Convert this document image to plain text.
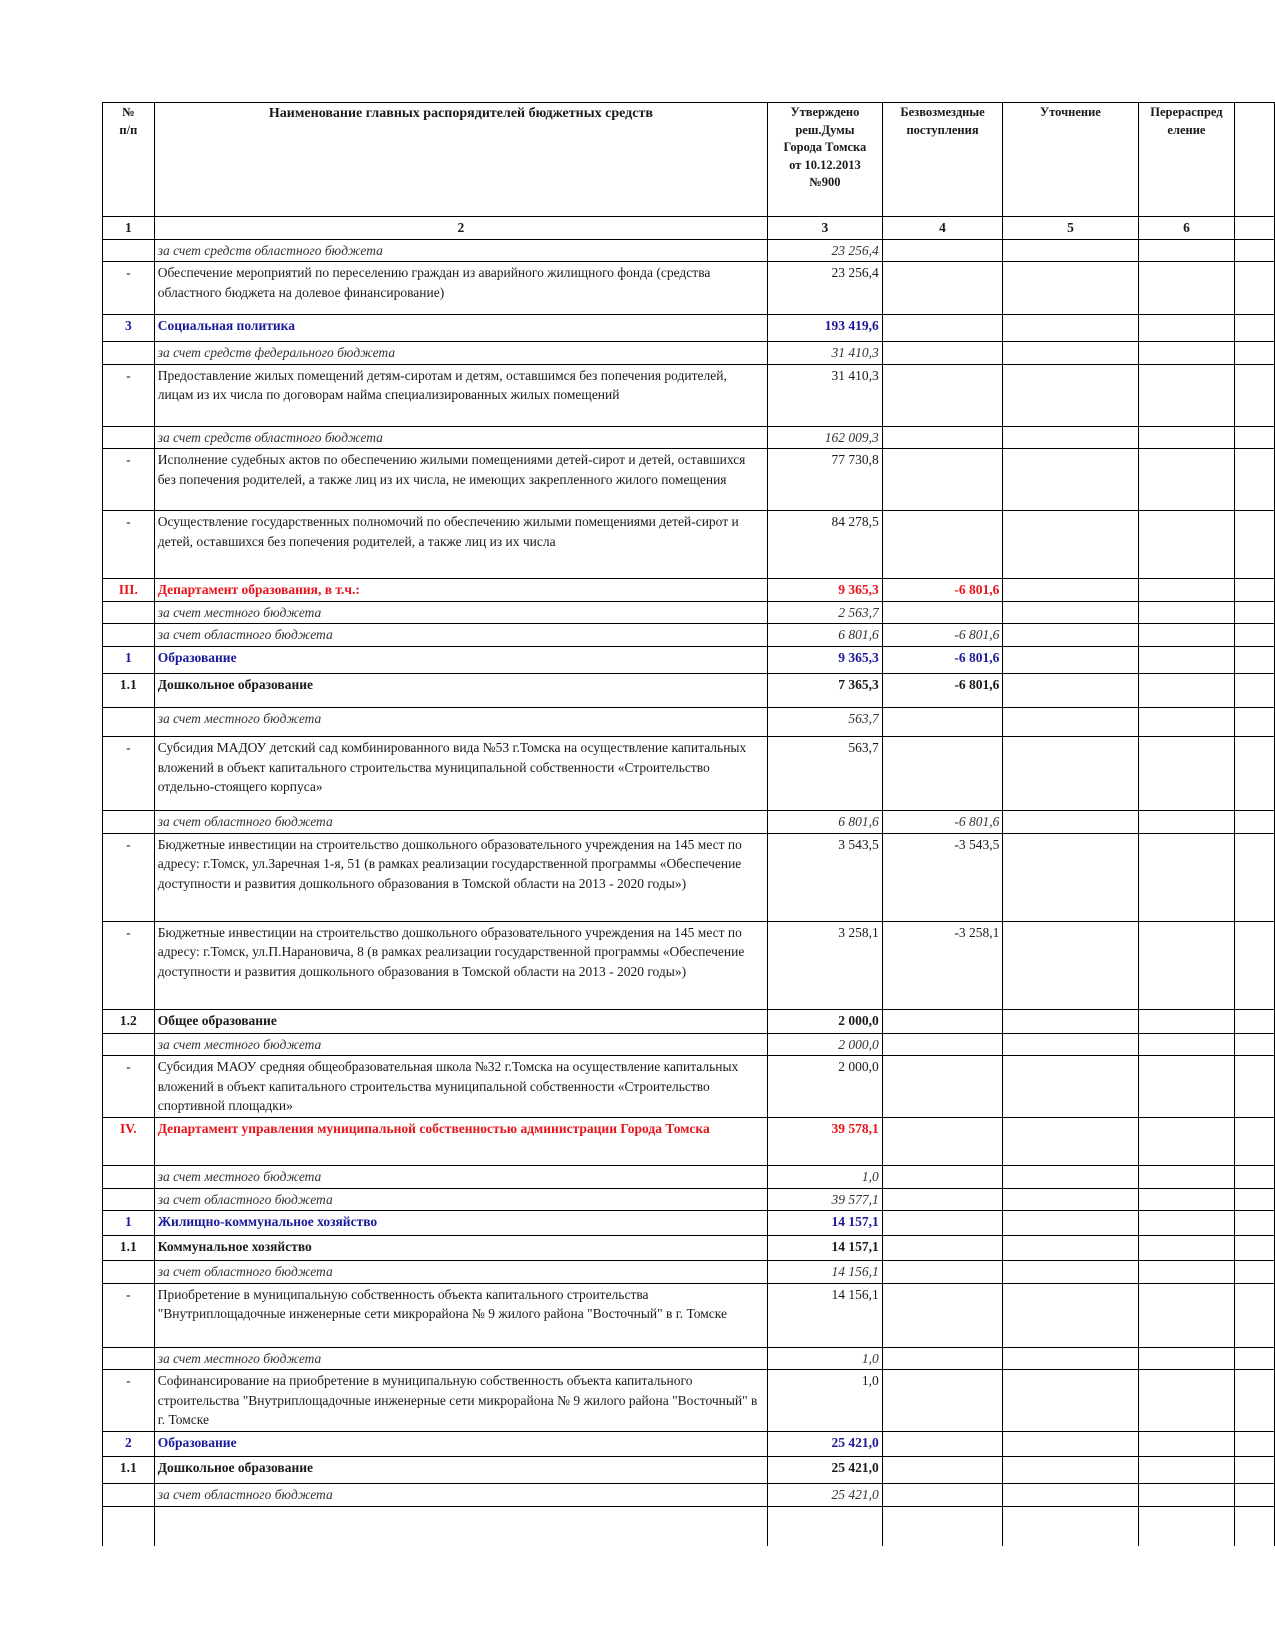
№
п/п	Наименование главных распорядителей бюджетных средств	Утверждено
реш.Думы
Города Томска
от 10.12.2013
№900	Безвозмездные
поступления	Уточнение	Перераспред
еление	
1	2	3	4	5	6	
	за счет средств областного бюджета	23 256,4				
-	Обеспечение мероприятий по переселению граждан из аварийного жилищного фонда (средства областного бюджета на долевое финансирование)	23 256,4				
3	Социальная политика	193 419,6				
	за счет средств федерального бюджета	31 410,3				
-	Предоставление жилых помещений детям-сиротам и детям, оставшимся без попечения родителей, лицам из их числа по договорам найма специализированных жилых помещений	31 410,3				
	за счет средств областного бюджета	162 009,3				
-	Исполнение судебных актов по обеспечению жилыми помещениями детей-сирот и детей, оставшихся без попечения родителей, а также лиц из их числа, не имеющих закрепленного жилого помещения	77 730,8				
-	Осуществление государственных полномочий по обеспечению жилыми помещениями детей-сирот и детей, оставшихся без попечения родителей, а также лиц из их числа	84 278,5				
III.	Департамент образования, в т.ч.:	9 365,3	-6 801,6			
	за счет местного бюджета	2 563,7				
	за счет областного бюджета	6 801,6	-6 801,6			
1	Образование	9 365,3	-6 801,6			
1.1	Дошкольное образование	7 365,3	-6 801,6			
	за счет местного бюджета	563,7				
-	Субсидия МАДОУ детский сад комбинированного вида №53 г.Томска на осуществление капитальных вложений в объект капитального строительства муниципальной собственности «Строительство отдельно-стоящего корпуса»	563,7				
	за счет областного бюджета	6 801,6	-6 801,6			
-	Бюджетные инвестиции на строительство дошкольного образовательного учреждения на 145 мест по адресу: г.Томск, ул.Заречная 1-я, 51 (в рамках реализации государственной программы «Обеспечение доступности и развития дошкольного образования в Томской области на 2013 - 2020 годы»)	3 543,5	-3 543,5			
-	Бюджетные инвестиции на строительство дошкольного образовательного учреждения на 145 мест по адресу: г.Томск, ул.П.Нарановича, 8 (в рамках реализации государственной программы «Обеспечение доступности и развития дошкольного образования в Томской области на 2013 - 2020 годы»)	3 258,1	-3 258,1			
1.2	Общее образование	2 000,0				
	за счет местного бюджета	2 000,0				
-	Субсидия МАОУ средняя общеобразовательная школа №32 г.Томска на осуществление капитальных вложений в объект капитального строительства муниципальной собственности «Строительство спортивной площадки»	2 000,0				
IV.	Департамент управления муниципальной собственностью администрации Города Томска	39 578,1				
	за счет местного бюджета	1,0				
	за счет областного бюджета	39 577,1				
1	Жилищно-коммунальное хозяйство	14 157,1				
1.1	Коммунальное хозяйство	14 157,1				
	за счет областного бюджета	14 156,1				
-	Приобретение в муниципальную собственность объекта капитального строительства "Внутриплощадочные инженерные сети микрорайона № 9 жилого района "Восточный" в г. Томске	14 156,1				
	за счет местного бюджета	1,0				
-	Софинансирование на приобретение в муниципальную собственность объекта капитального строительства "Внутриплощадочные инженерные сети микрорайона № 9 жилого района "Восточный" в г. Томске	1,0				
2	Образование	25 421,0				
1.1	Дошкольное образование	25 421,0				
	за счет областного бюджета	25 421,0				
